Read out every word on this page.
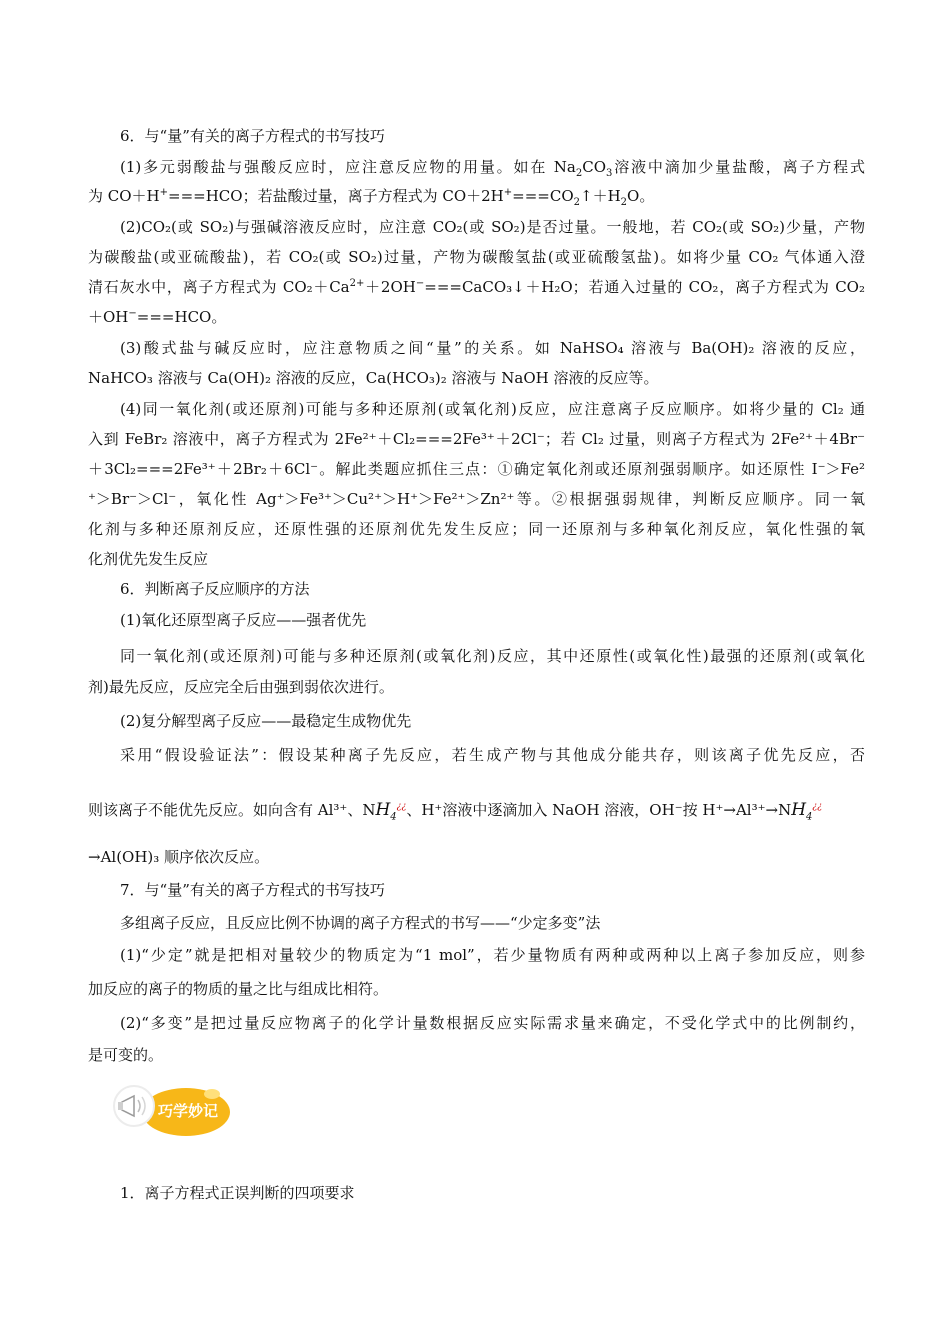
6．与“量”有关的离子方程式的书写技巧
(1)多元弱酸盐与强酸反应时，应注意反应物的用量。如在 $Na_2CO_3$溶液中滴加少量盐酸，离子方程式
为 CO＋H+===HCO；若盐酸过量，离子方程式为 $CO+2H^+===CO_2↑+H_2O$。
(2)CO₂(或 SO₂)与强碱溶液反应时，应注意 CO₂(或 SO₂)是否过量。一般地，若 CO₂(或 SO₂)少量，产物
为碳酸盐(或亚硫酸盐)，若 CO₂(或 SO₂)过量，产物为碳酸氢盐(或亚硫酸氢盐)。如将少量 CO₂ 气体通入澄
清石灰水中，离子方程式为 $CO_2+Ca^{2+}+2OH^-===CaCO_3↓+H_2O$；若通入过量的 CO₂，离子方程式为 CO₂
＋OH−===HCO。
(3)酸式盐与碱反应时，应注意物质之间“量”的关系。如 NaHSO₄ 溶液与 Ba(OH)₂ 溶液的反应，
NaHCO₃ 溶液与 Ca(OH)₂ 溶液的反应，Ca(HCO₃)₂ 溶液与 NaOH 溶液的反应等。
(4)同一氧化剂(或还原剂)可能与多种还原剂(或氧化剂)反应，应注意离子反应顺序。如将少量的 Cl₂ 通
入到 FeBr₂ 溶液中，离子方程式为 2Fe²⁺＋Cl₂===2Fe³⁺＋2Cl⁻；若 Cl₂ 过量，则离子方程式为 2Fe²⁺＋4Br⁻
＋3Cl₂===2Fe³⁺＋2Br₂＋6Cl⁻。解此类题应抓住三点：①确定氧化剂或还原剂强弱顺序。如还原性 I⁻＞Fe²
⁺＞Br⁻＞Cl⁻，氧化性 Ag⁺＞Fe³⁺＞Cu²⁺＞H⁺＞Fe²⁺＞Zn²⁺等。②根据强弱规律，判断反应顺序。同一氧
化剂与多种还原剂反应，还原性强的还原剂优先发生反应；同一还原剂与多种氧化剂反应，氧化性强的氧
化剂优先发生反应
6．判断离子反应顺序的方法
(1)氧化还原型离子反应——强者优先
同一氧化剂(或还原剂)可能与多种还原剂(或氧化剂)反应，其中还原性(或氧化性)最强的还原剂(或氧化
剂)最先反应，反应完全后由强到弱依次进行。
(2)复分解型离子反应——最稳定生成物优先
采用“假设验证法”：假设某种离子先反应，若生成产物与其他成分能共存，则该离子优先反应，否
则该离子不能优先反应。如向含有 Al³⁺、$NH_4^{¿¿}$、H⁺溶液中逐滴加入 NaOH 溶液，OH⁻按 $H^+\to Al^{3+}\to NH_4^{¿¿}$
→Al(OH)₃ 顺序依次反应。
7．与“量”有关的离子方程式的书写技巧
多组离子反应，且反应比例不协调的离子方程式的书写——“少定多变”法
(1)“少定”就是把相对量较少的物质定为“1 mol”，若少量物质有两种或两种以上离子参加反应，则参
加反应的离子的物质的量之比与组成比相符。
(2)“多变”是把过量反应物离子的化学计量数根据反应实际需求量来确定，不受化学式中的比例制约，
是可变的。
巧学妙记
1．离子方程式正误判断的四项要求
